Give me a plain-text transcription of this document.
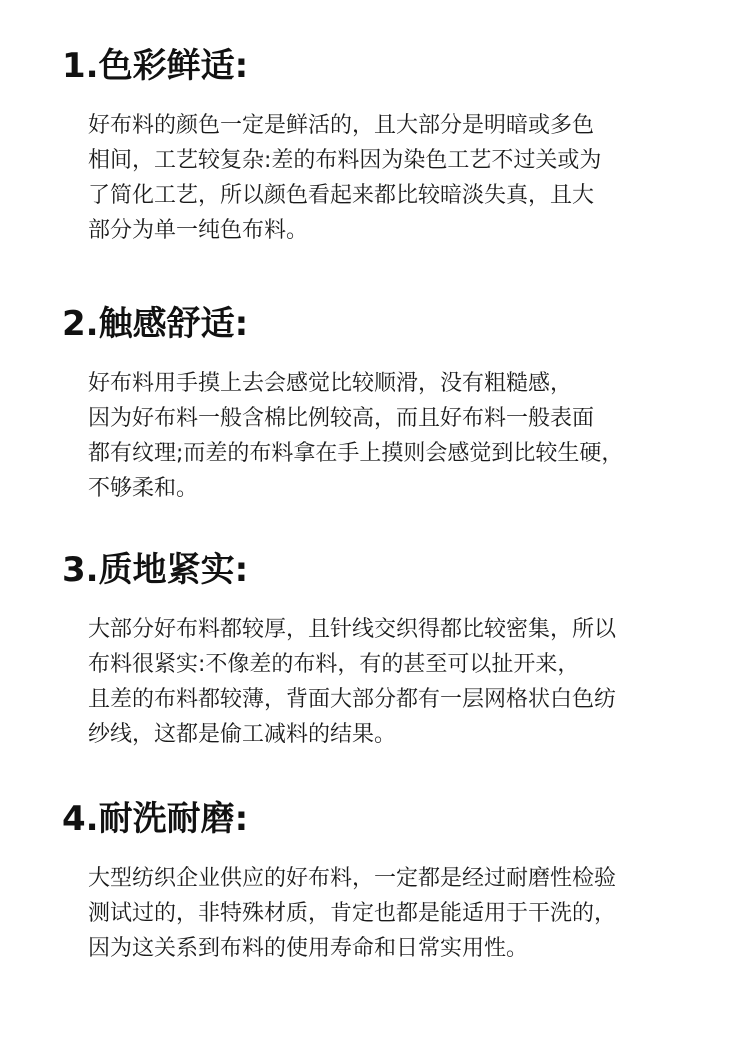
1.色彩鲜适:

好布料的颜色一定是鲜活的，且大部分是明暗或多色
相间，工艺较复杂:差的布料因为染色工艺不过关或为
了简化工艺，所以颜色看起来都比较暗淡失真，且大
部分为单一纯色布料。

2.触感舒适:

好布料用手摸上去会感觉比较顺滑，没有粗糙感，
因为好布料一般含棉比例较高，而且好布料一般表面
都有纹理;而差的布料拿在手上摸则会感觉到比较生硬，
不够柔和。

3.质地紧实:

大部分好布料都较厚，且针线交织得都比较密集，所以
布料很紧实:不像差的布料，有的甚至可以扯开来，
且差的布料都较薄，背面大部分都有一层网格状白色纺
纱线，这都是偷工减料的结果。

4.耐洗耐磨:

大型纺织企业供应的好布料，一定都是经过耐磨性检验
测试过的，非特殊材质，肯定也都是能适用于干洗的，
因为这关系到布料的使用寿命和日常实用性。
